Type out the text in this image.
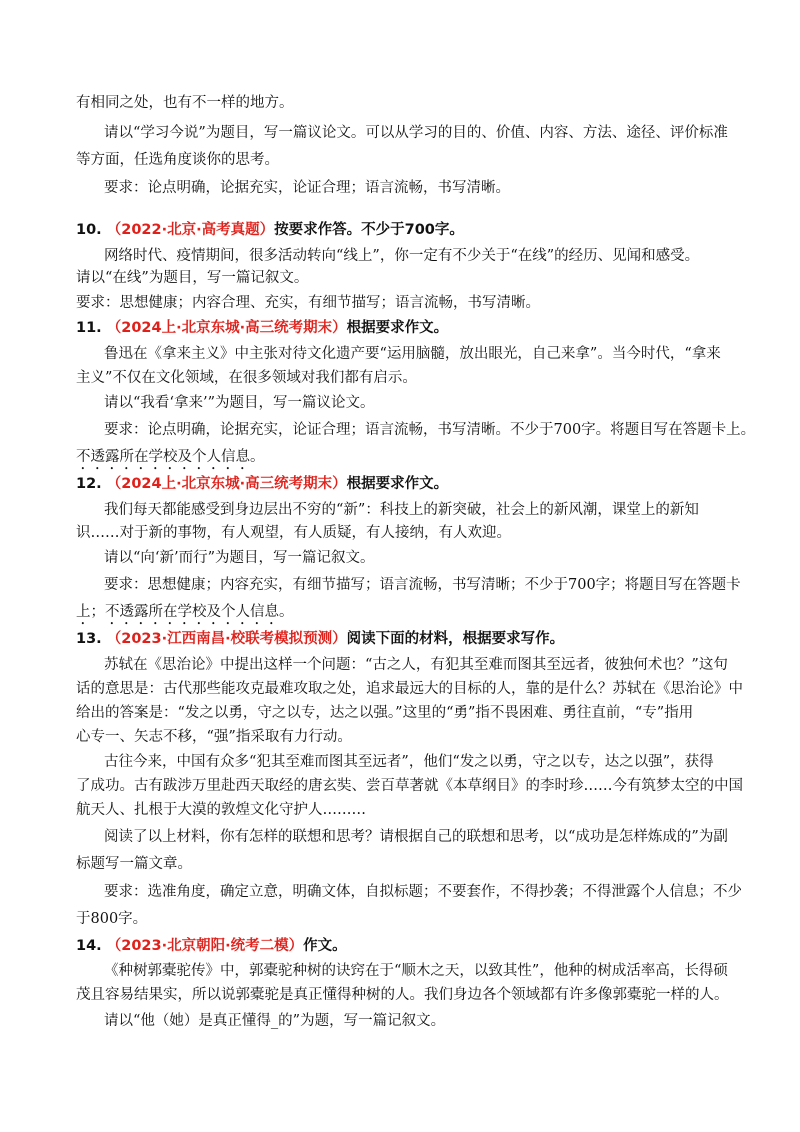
有相同之处，也有不一样的地方。
请以“学习今说”为题目，写一篇议论文。可以从学习的目的、价值、内容、方法、途径、评价标准
等方面，任选角度谈你的思考。
要求：论点明确，论据充实，论证合理；语言流畅，书写清晰。
10. （2022·北京·高考真题）按要求作答。不少于700字。
网络时代、疫情期间，很多活动转向“线上”，你一定有不少关于“在线”的经历、见闻和感受。
请以“在线”为题目，写一篇记叙文。
要求：思想健康；内容合理、充实，有细节描写；语言流畅，书写清晰。
11. （2024上·北京东城·高三统考期末）根据要求作文。
鲁迅在《拿来主义》中主张对待文化遗产要“运用脑髓，放出眼光，自己来拿”。当今时代，“拿来
主义”不仅在文化领域，在很多领域对我们都有启示。
请以“我看‘拿来’”为题目，写一篇议论文。
要求：论点明确，论据充实，论证合理；语言流畅，书写清晰。不少于700字。将题目写在答题卡上。
不透露所在学校及个人信息。
12. （2024上·北京东城·高三统考期末）根据要求作文。
我们每天都能感受到身边层出不穷的“新”：科技上的新突破，社会上的新风潮，课堂上的新知
识……对于新的事物，有人观望，有人质疑，有人接纳，有人欢迎。
请以“向‘新’而行”为题目，写一篇记叙文。
要求：思想健康；内容充实，有细节描写；语言流畅，书写清晰；不少于700字；将题目写在答题卡
上；不透露所在学校及个人信息。
13. （2023·江西南昌·校联考模拟预测）阅读下面的材料，根据要求写作。
苏轼在《思治论》中提出这样一个问题：“古之人，有犯其至难而图其至远者，彼独何术也？”这句
话的意思是：古代那些能攻克最难攻取之处，追求最远大的目标的人，靠的是什么？苏轼在《思治论》中
给出的答案是：“发之以勇，守之以专，达之以强。”这里的“勇”指不畏困难、勇往直前，“专”指用
心专一、矢志不移，“强”指采取有力行动。
古往今来，中国有众多“犯其至难而图其至远者”，他们“发之以勇，守之以专，达之以强”，获得
了成功。古有跋涉万里赴西天取经的唐玄奘、尝百草著就《本草纲目》的李时珍……今有筑梦太空的中国
航天人、扎根于大漠的敦煌文化守护人………
阅读了以上材料，你有怎样的联想和思考？请根据自己的联想和思考，以“成功是怎样炼成的”为副
标题写一篇文章。
要求：选准角度，确定立意，明确文体，自拟标题；不要套作，不得抄袭；不得泄露个人信息；不少
于800字。
14. （2023·北京朝阳·统考二模）作文。
《种树郭橐驼传》中，郭橐驼种树的诀窍在于“顺木之天，以致其性”，他种的树成活率高，长得硕
茂且容易结果实，所以说郭橐驼是真正懂得种树的人。我们身边各个领域都有许多像郭橐驼一样的人。
请以“他（她）是真正懂得_的”为题，写一篇记叙文。
